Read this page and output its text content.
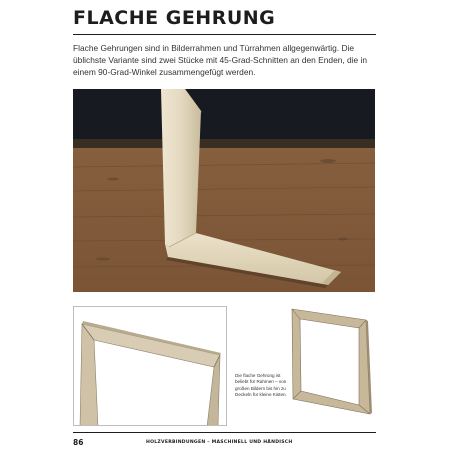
FLACHE GEHRUNG

Flache Gehrungen sind in Bilderrahmen und Türrahmen allgegenwärtig. Die üblichste Variante sind zwei Stücke mit 45-Grad-Schnitten an den Enden, die in einem 90-Grad-Winkel zusammengefügt werden.

Die flache Gehrung ist beliebt für Rahmen – von großen Bildern bis hin zu Deckeln für kleine Kisten.

86	HOLZVERBINDUNGEN – MASCHINELL UND HÄNDISCH
